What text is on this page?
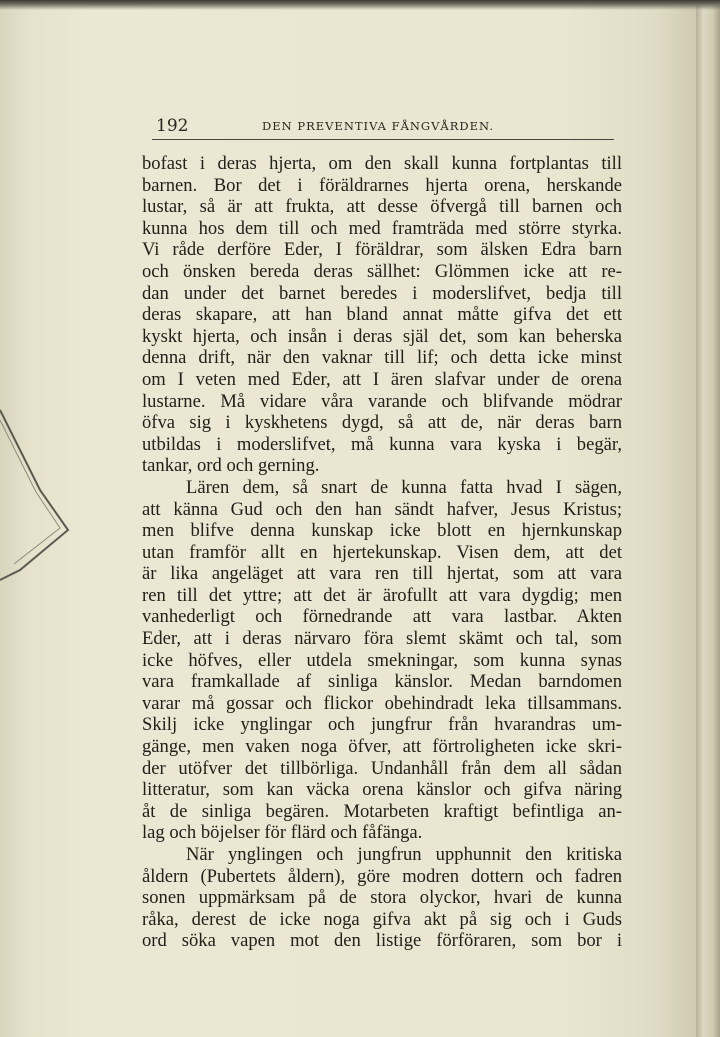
192	DEN PREVENTIVA FÅNGVÅRDEN.
bofast i deras hjerta, om den skall kunna fortplantas till
barnen. Bor det i föräldrarnes hjerta orena, herskande
lustar, så är att frukta, att desse öfvergå till barnen och
kunna hos dem till och med framträda med större styrka.
Vi råde derföre Eder, I föräldrar, som älsken Edra barn
och önsken bereda deras sällhet: Glömmen icke att re-
dan under det barnet beredes i moderslifvet, bedja till
deras skapare, att han bland annat måtte gifva det ett
kyskt hjerta, och insån i deras själ det, som kan beherska
denna drift, när den vaknar till lif; och detta icke minst
om I veten med Eder, att I ären slafvar under de orena
lustarne. Må vidare våra varande och blifvande mödrar
öfva sig i kyskhetens dygd, så att de, när deras barn
utbildas i moderslifvet, må kunna vara kyska i begär,
tankar, ord och gerning.
Lären dem, så snart de kunna fatta hvad I sägen,
att känna Gud och den han sändt hafver, Jesus Kristus;
men blifve denna kunskap icke blott en hjernkunskap
utan framför allt en hjertekunskap. Visen dem, att det
är lika angeläget att vara ren till hjertat, som att vara
ren till det yttre; att det är ärofullt att vara dygdig; men
vanhederligt och förnedrande att vara lastbar. Akten
Eder, att i deras närvaro föra slemt skämt och tal, som
icke höfves, eller utdela smekningar, som kunna synas
vara framkallade af sinliga känslor. Medan barndomen
varar må gossar och flickor obehindradt leka tillsammans.
Skilj icke ynglingar och jungfrur från hvarandras um-
gänge, men vaken noga öfver, att förtroligheten icke skri-
der utöfver det tillbörliga. Undanhåll från dem all sådan
litteratur, som kan väcka orena känslor och gifva näring
åt de sinliga begären. Motarbeten kraftigt befintliga an-
lag och böjelser för flärd och fåfänga.
När ynglingen och jungfrun upphunnit den kritiska
åldern (Pubertets åldern), göre modren dottern och fadren
sonen uppmärksam på de stora olyckor, hvari de kunna
råka, derest de icke noga gifva akt på sig och i Guds
ord söka vapen mot den listige förföraren, som bor i
